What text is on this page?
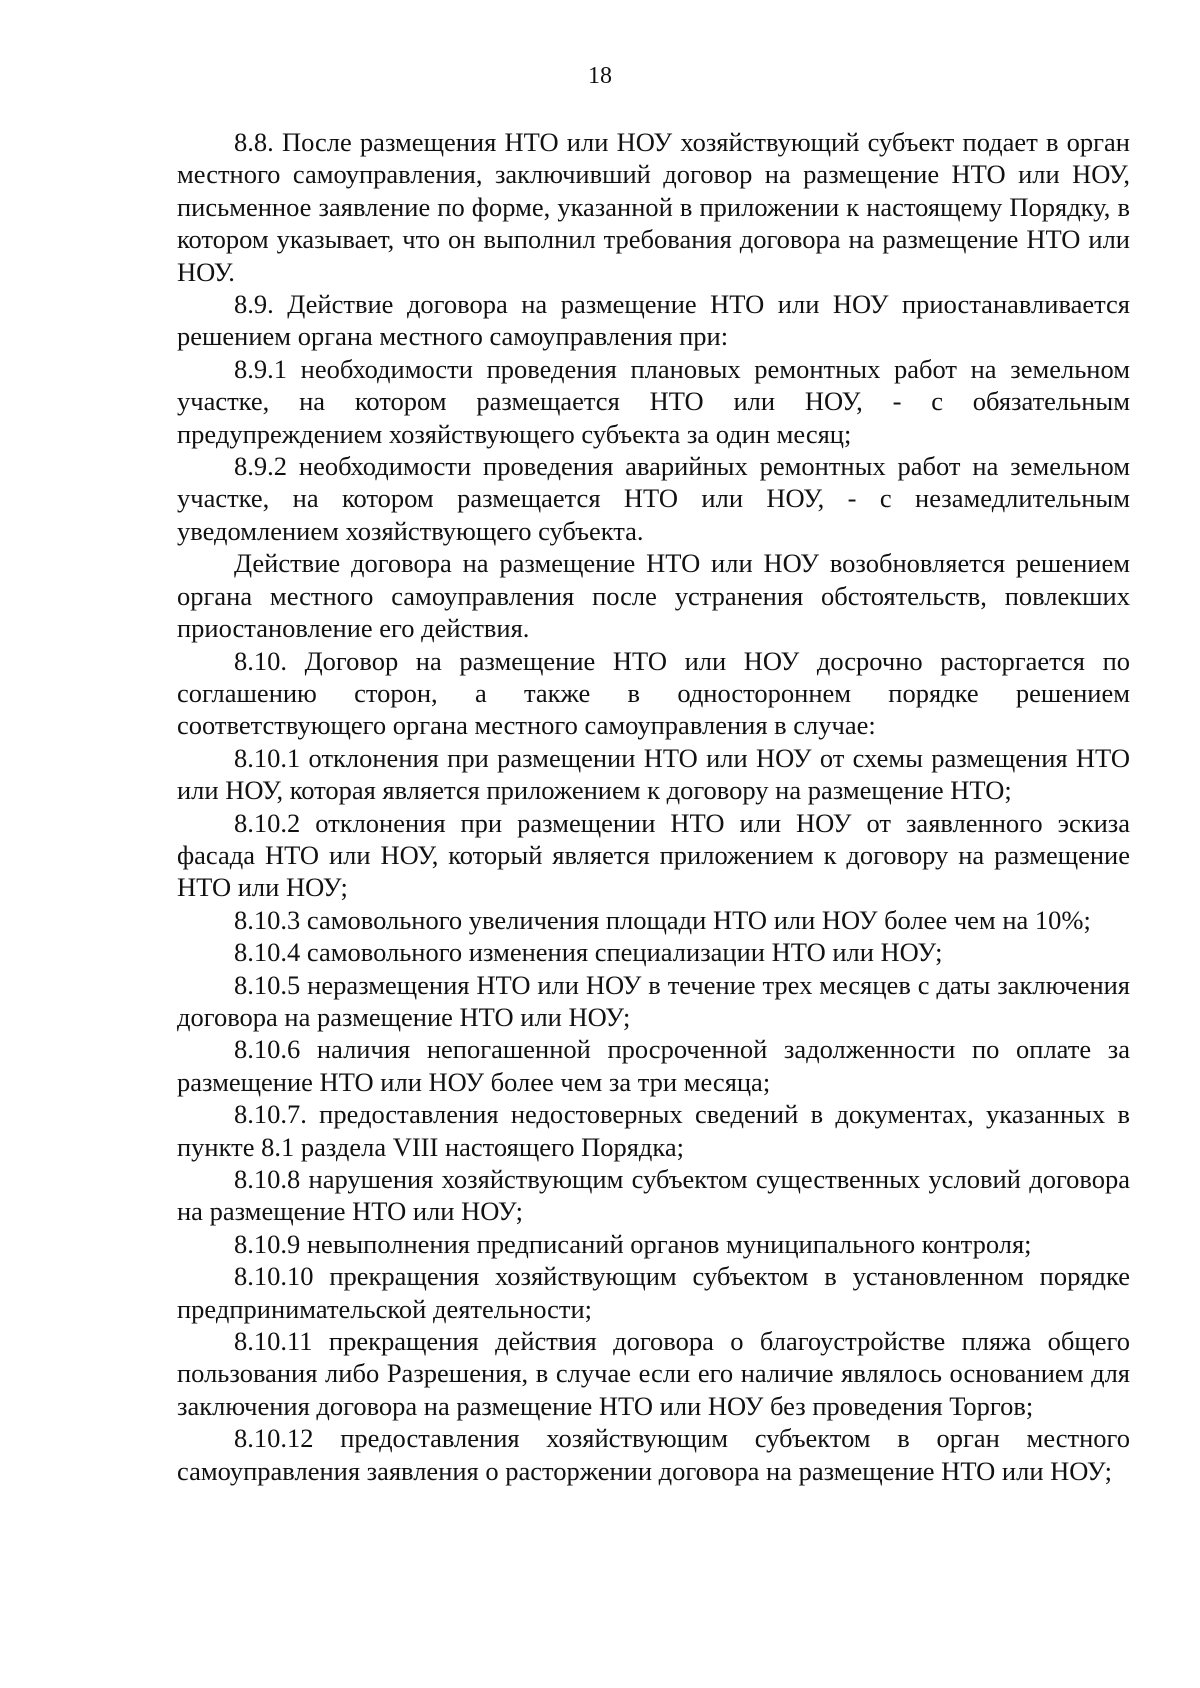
18

8.8. После размещения НТО или НОУ хозяйствующий субъект подает в орган местного самоуправления, заключивший договор на размещение НТО или НОУ, письменное заявление по форме, указанной в приложении к настоящему Порядку, в котором указывает, что он выполнил требования договора на размещение НТО или НОУ.

8.9. Действие договора на размещение НТО или НОУ приостанавливается решением органа местного самоуправления при:

8.9.1 необходимости проведения плановых ремонтных работ на земельном участке, на котором размещается НТО или НОУ, - с обязательным предупреждением хозяйствующего субъекта за один месяц;

8.9.2 необходимости проведения аварийных ремонтных работ на земельном участке, на котором размещается НТО или НОУ, - с незамедлительным уведомлением хозяйствующего субъекта.

Действие договора на размещение НТО или НОУ возобновляется решением органа местного самоуправления после устранения обстоятельств, повлекших приостановление его действия.

8.10. Договор на размещение НТО или НОУ досрочно расторгается по соглашению сторон, а также в одностороннем порядке решением соответствующего органа местного самоуправления в случае:

8.10.1 отклонения при размещении НТО или НОУ от схемы размещения НТО или НОУ, которая является приложением к договору на размещение НТО;

8.10.2 отклонения при размещении НТО или НОУ от заявленного эскиза фасада НТО или НОУ, который является приложением к договору на размещение НТО или НОУ;

8.10.3 самовольного увеличения площади НТО или НОУ более чем на 10%;

8.10.4 самовольного изменения специализации НТО или НОУ;

8.10.5 неразмещения НТО или НОУ в течение трех месяцев с даты заключения договора на размещение НТО или НОУ;

8.10.6 наличия непогашенной просроченной задолженности по оплате за размещение НТО или НОУ более чем за три месяца;

8.10.7. предоставления недостоверных сведений в документах, указанных в пункте 8.1 раздела VIII настоящего Порядка;

8.10.8 нарушения хозяйствующим субъектом существенных условий договора на размещение НТО или НОУ;

8.10.9 невыполнения предписаний органов муниципального контроля;

8.10.10 прекращения хозяйствующим субъектом в установленном порядке предпринимательской деятельности;

8.10.11 прекращения действия договора о благоустройстве пляжа общего пользования либо Разрешения, в случае если его наличие являлось основанием для заключения договора на размещение НТО или НОУ без проведения Торгов;

8.10.12 предоставления хозяйствующим субъектом в орган местного самоуправления заявления о расторжении договора на размещение НТО или НОУ;
